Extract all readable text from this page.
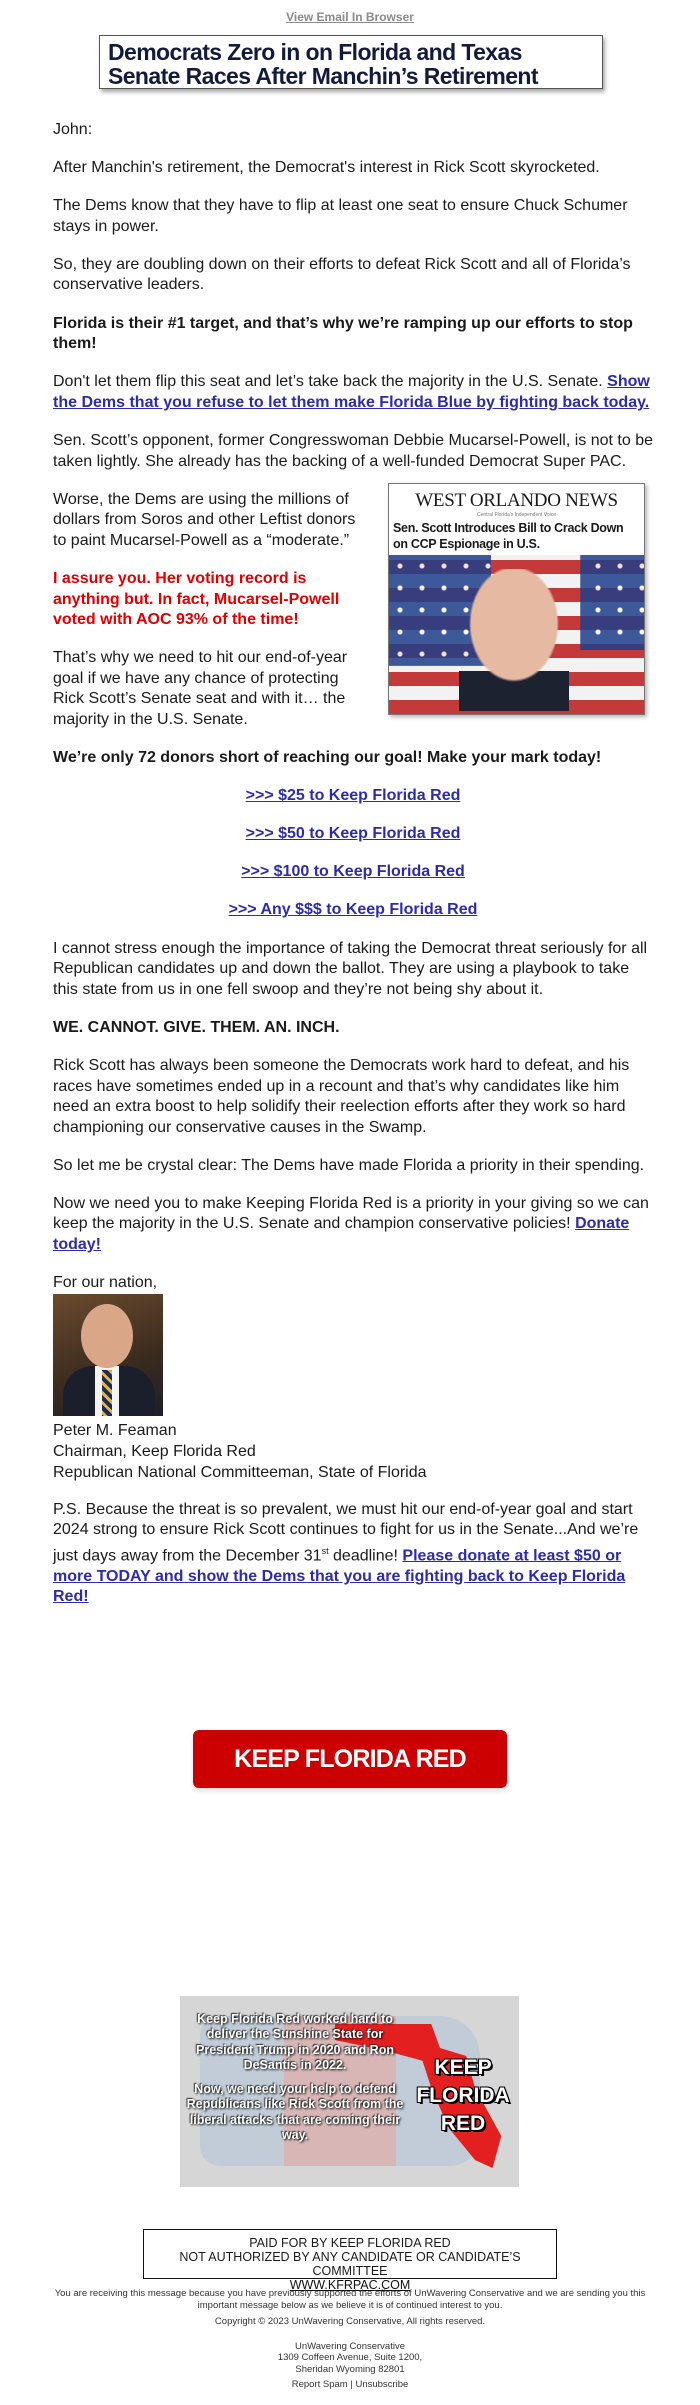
View Email In Browser
Democrats Zero in on Florida and Texas
Senate Races After Manchin’s Retirement

John:

After Manchin's retirement, the Democrat's interest in Rick Scott skyrocketed.

The Dems know that they have to flip at least one seat to ensure Chuck Schumer stays in power.

So, they are doubling down on their efforts to defeat Rick Scott and all of Florida’s conservative leaders.

Florida is their #1 target, and that’s why we’re ramping up our efforts to stop them!

Don't let them flip this seat and let’s take back the majority in the U.S. Senate. Show the Dems that you refuse to let them make Florida Blue by fighting back today.

Sen. Scott’s opponent, former Congresswoman Debbie Mucarsel-Powell, is not to be taken lightly. She already has the backing of a well-funded Democrat Super PAC.

WEST ORLANDO NEWS
Central Florida's Independent Voice
Sen. Scott Introduces Bill to Crack Down on CCP Espionage in U.S.

Worse, the Dems are using the millions of dollars from Soros and other Leftist donors to paint Mucarsel-Powell as a “moderate.”

I assure you. Her voting record is anything but. In fact, Mucarsel-Powell voted with AOC 93% of the time!

That’s why we need to hit our end-of-year goal if we have any chance of protecting Rick Scott’s Senate seat and with it… the majority in the U.S. Senate.

We’re only 72 donors short of reaching our goal! Make your mark today!

>>> $25 to Keep Florida Red

>>> $50 to Keep Florida Red

>>> $100 to Keep Florida Red

>>> Any $$$ to Keep Florida Red

I cannot stress enough the importance of taking the Democrat threat seriously for all Republican candidates up and down the ballot. They are using a playbook to take this state from us in one fell swoop and they’re not being shy about it.

WE. CANNOT. GIVE. THEM. AN. INCH.

Rick Scott has always been someone the Democrats work hard to defeat, and his races have sometimes ended up in a recount and that’s why candidates like him need an extra boost to help solidify their reelection efforts after they work so hard championing our conservative causes in the Swamp.

So let me be crystal clear: The Dems have made Florida a priority in their spending.

Now we need you to make Keeping Florida Red is a priority in your giving so we can keep the majority in the U.S. Senate and champion conservative policies! Donate today!

For our nation,
Peter M. Feaman
Chairman, Keep Florida Red
Republican National Committeeman, State of Florida

P.S. Because the threat is so prevalent, we must hit our end-of-year goal and start 2024 strong to ensure Rick Scott continues to fight for us in the Senate...And we’re just days away from the December 31st deadline! Please donate at least $50 or more TODAY and show the Dems that you are fighting back to Keep Florida Red!

KEEP FLORIDA RED
Keep Florida Red worked hard to deliver the Sunshine State for President Trump in 2020 and Ron DeSantis in 2022.
Now, we need your help to defend Republicans like Rick Scott from the liberal attacks that are coming their way.
KEEP
FLORIDA
RED
PAID FOR BY KEEP FLORIDA RED
NOT AUTHORIZED BY ANY CANDIDATE OR CANDIDATE’S COMMITTEE
WWW.KFRPAC.COM

You are receiving this message because you have previously supported the efforts of UnWavering Conservative and we are sending you this important message below as we believe it is of continued interest to you.

Copyright © 2023 UnWavering Conservative, All rights reserved.

UnWavering Conservative
1309 Coffeen Avenue, Suite 1200,
Sheridan Wyoming 82801
Report Spam | Unsubscribe
